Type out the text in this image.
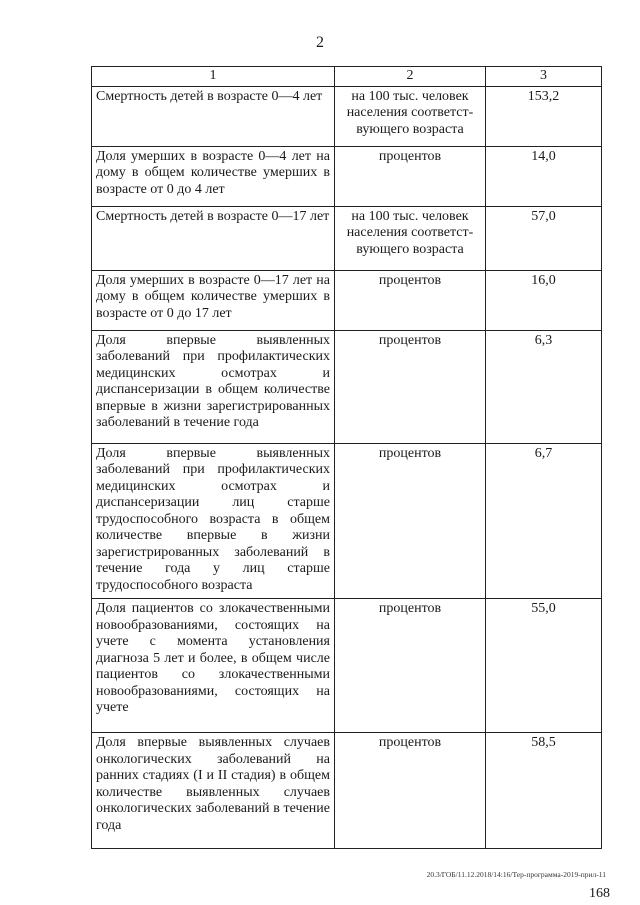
2
1	2	3
Смертность детей в возрасте 0—4 лет	на 100 тыс. человек населения соответст-вующего возраста	153,2
Доля умерших в возрасте 0—4 лет на дому в общем количестве умерших в возрасте от 0 до 4 лет	процентов	14,0
Смертность детей в возрасте 0—17 лет	на 100 тыс. человек населения соответст-вующего возраста	57,0
Доля умерших в возрасте 0—17 лет на дому в общем количестве умерших в возрасте от 0 до 17 лет	процентов	16,0
Доля впервые выявленных заболеваний при профилактических медицинских осмотрах и диспансеризации в общем количестве впервые в жизни зарегистрированных заболеваний в течение года	процентов	6,3
Доля впервые выявленных заболеваний при профилактических медицинских осмотрах и диспансеризации лиц старше трудоспособного возраста в общем количестве впервые в жизни зарегистрированных заболеваний в течение года у лиц старше трудоспособного возраста	процентов	6,7
Доля пациентов со злокачественными новообразованиями, состоящих на учете с момента установления диагноза 5 лет и более, в общем числе пациентов со злокачественными новообразованиями, состоящих на учете	процентов	55,0
Доля впервые выявленных случаев онкологических заболеваний на ранних стадиях (I и II стадия) в общем количестве выявленных случаев онкологических заболеваний в течение года	процентов	58,5
20.3/ГОБ/11.12.2018/14:16/Тер-программа-2019-прил-11
168
